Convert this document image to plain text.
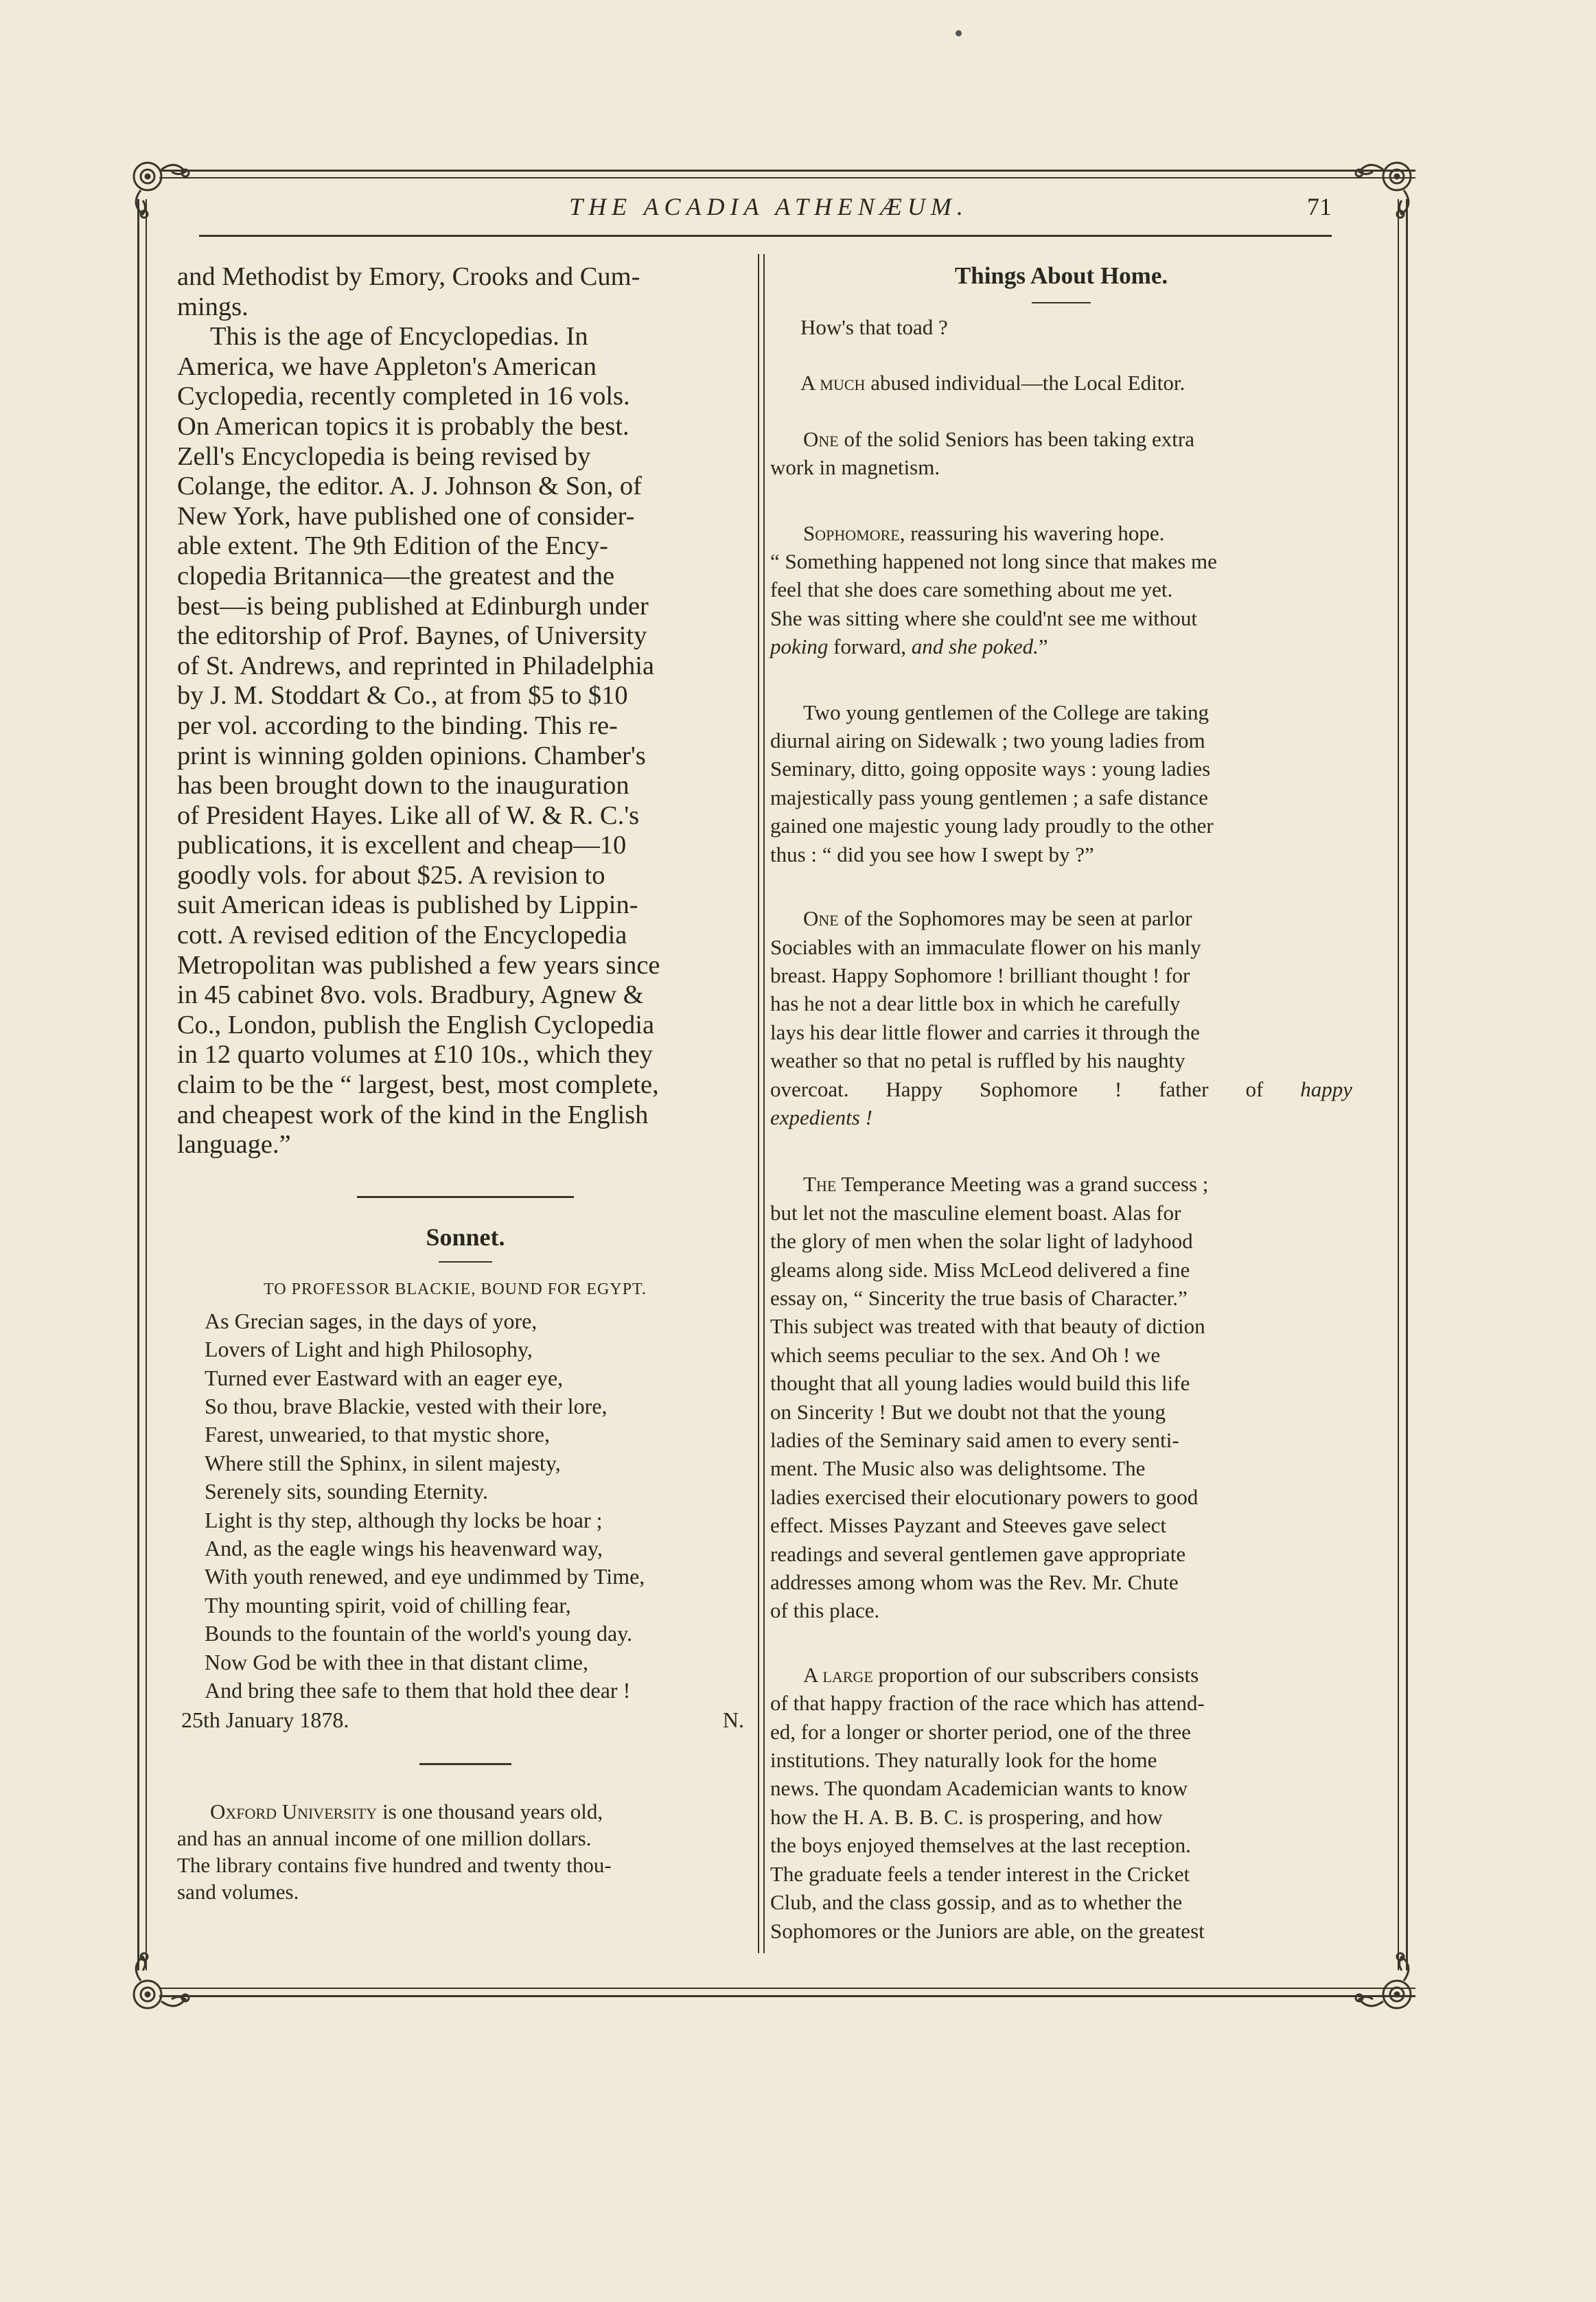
THE ACADIA ATHENÆUM.	71

and Methodist by Emory, Crooks and Cum-

mings.

This is the age of Encyclopedias. In

America, we have Appleton's American

Cyclopedia, recently completed in 16 vols.

On American topics it is probably the best.

Zell's Encyclopedia is being revised by

Colange, the editor. A. J. Johnson & Son, of

New York, have published one of consider-

able extent. The 9th Edition of the Ency-

clopedia Britannica—the greatest and the

best—is being published at Edinburgh under

the editorship of Prof. Baynes, of University

of St. Andrews, and reprinted in Philadelphia

by J. M. Stoddart & Co., at from $5 to $10

per vol. according to the binding. This re-

print is winning golden opinions. Chamber's

has been brought down to the inauguration

of President Hayes. Like all of W. & R. C.'s

publications, it is excellent and cheap—10

goodly vols. for about $25. A revision to

suit American ideas is published by Lippin-

cott. A revised edition of the Encyclopedia

Metropolitan was published a few years since

in 45 cabinet 8vo. vols. Bradbury, Agnew &

Co., London, publish the English Cyclopedia

in 12 quarto volumes at £10 10s., which they

claim to be the “ largest, best, most complete,

and cheapest work of the kind in the English

language.”

Sonnet.
TO PROFESSOR BLACKIE, BOUND FOR EGYPT.

As Grecian sages, in the days of yore,

Lovers of Light and high Philosophy,

Turned ever Eastward with an eager eye,

So thou, brave Blackie, vested with their lore,

Farest, unwearied, to that mystic shore,

Where still the Sphinx, in silent majesty,

Serenely sits, sounding Eternity.

Light is thy step, although thy locks be hoar ;

And, as the eagle wings his heavenward way,

With youth renewed, and eye undimmed by Time,

Thy mounting spirit, void of chilling fear,

Bounds to the fountain of the world's young day.

Now God be with thee in that distant clime,

And bring thee safe to them that hold thee dear !

25th January 1878.	N.

Oxford University is one thousand years old,

and has an annual income of one million dollars.

The library contains five hundred and twenty thou-

sand volumes.

Things About Home.

How's that toad ?

A much abused individual—the Local Editor.

One of the solid Seniors has been taking extra

work in magnetism.

Sophomore, reassuring his wavering hope.

“ Something happened not long since that makes me

feel that she does care something about me yet.

She was sitting where she could'nt see me without

poking forward, and she poked.”

Two young gentlemen of the College are taking

diurnal airing on Sidewalk ; two young ladies from

Seminary, ditto, going opposite ways : young ladies

majestically pass young gentlemen ; a safe distance

gained one majestic young lady proudly to the other

thus : “ did you see how I swept by ?”

One of the Sophomores may be seen at parlor

Sociables with an immaculate flower on his manly

breast. Happy Sophomore ! brilliant thought ! for

has he not a dear little box in which he carefully

lays his dear little flower and carries it through the

weather so that no petal is ruffled by his naughty

overcoat. Happy Sophomore ! father of happy

expedients !

The Temperance Meeting was a grand success ;

but let not the masculine element boast. Alas for

the glory of men when the solar light of ladyhood

gleams along side. Miss McLeod delivered a fine

essay on, “ Sincerity the true basis of Character.”

This subject was treated with that beauty of diction

which seems peculiar to the sex. And Oh ! we

thought that all young ladies would build this life

on Sincerity ! But we doubt not that the young

ladies of the Seminary said amen to every senti-

ment. The Music also was delightsome. The

ladies exercised their elocutionary powers to good

effect. Misses Payzant and Steeves gave select

readings and several gentlemen gave appropriate

addresses among whom was the Rev. Mr. Chute

of this place.

A large proportion of our subscribers consists

of that happy fraction of the race which has attend-

ed, for a longer or shorter period, one of the three

institutions. They naturally look for the home

news. The quondam Academician wants to know

how the H. A. B. B. C. is prospering, and how

the boys enjoyed themselves at the last reception.

The graduate feels a tender interest in the Cricket

Club, and the class gossip, and as to whether the

Sophomores or the Juniors are able, on the greatest
